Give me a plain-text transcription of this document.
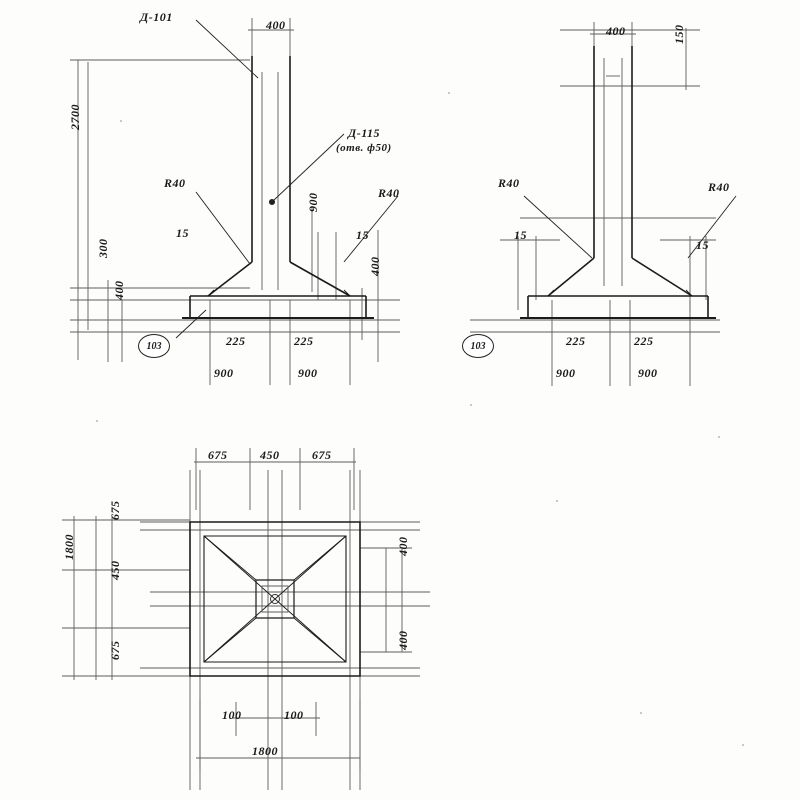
Д-101
400
Д-115
(отв. ф50)
R40
R40
2700
900
15	15
300
400
400
103	225	225
900	900
400	150
R40	R40
15
15
103	225	225
900	900
675	450	675
675
450
675
1800	400
400
100	100
1800
